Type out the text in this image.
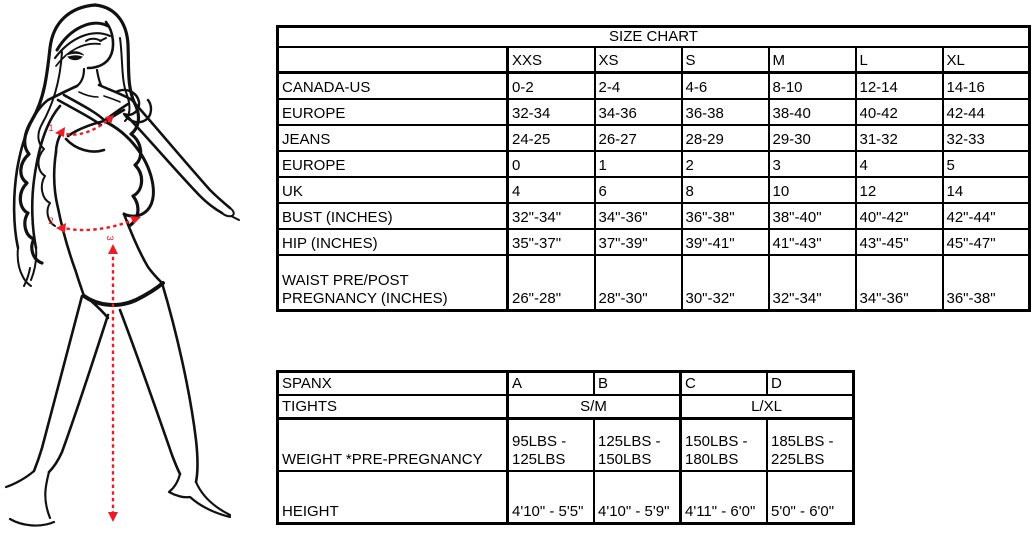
1
2
3
SIZE CHART						
	XXS	XS	S	M	L	XL
CANADA-US	0-2	2-4	4-6	8-10	12-14	14-16
EUROPE	32-34	34-36	36-38	38-40	40-42	42-44
JEANS	24-25	26-27	28-29	29-30	31-32	32-33
EUROPE	0	1	2	3	4	5
UK	4	6	8	10	12	14
BUST (INCHES)	32"-34"	34"-36"	36"-38"	38"-40"	40"-42"	42"-44"
HIP (INCHES)	35"-37"	37"-39"	39"-41"	41"-43"	43"-45"	45"-47"
WAIST PRE/POST PREGNANCY (INCHES)	26"-28"	28"-30"	30"-32"	32"-34"	34"-36"	36"-38"
SPANX	A	B	C	D
TIGHTS	S/M		L/XL	
WEIGHT *PRE-PREGNANCY	95LBS - 125LBS	125LBS - 150LBS	150LBS - 180LBS	185LBS - 225LBS
HEIGHT	4'10" - 5'5"	4'10" - 5'9"	4'11" - 6'0"	5'0" - 6'0"
